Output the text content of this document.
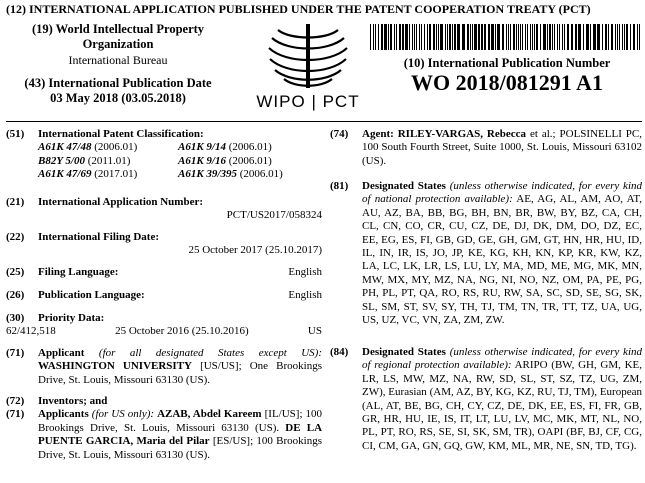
(12) INTERNATIONAL APPLICATION PUBLISHED UNDER THE PATENT COOPERATION TREATY (PCT)
(19) World Intellectual Property
Organization
International Bureau
(43) International Publication Date
03 May 2018 (03.05.2018)	WIPO | PCT
(10) International Publication Number
WO 2018/081291 A1
(51) International Patent Classification:
A61K 47/48 (2006.01)	A61K 9/14 (2006.01)
B82Y 5/00 (2011.01)	A61K 9/16 (2006.01)
A61K 47/69 (2017.01)	A61K 39/395 (2006.01)
(21) International Application Number:
PCT/US2017/058324
(22) International Filing Date:
25 October 2017 (25.10.2017)
(25) Filing Language:	English
(26) Publication Language:	English
(30) Priority Data:
62/412,518	25 October 2016 (25.10.2016)	US
(71) Applicant (for all designated States except US): WASHINGTON UNIVERSITY [US/US]; One Brookings Drive, St. Louis, Missouri 63130 (US).
(72) Inventors; and
(71) Applicants (for US only): AZAB, Abdel Kareem [IL/US]; 100 Brookings Drive, St. Louis, Missouri 63130 (US). DE LA PUENTE GARCIA, Maria del Pilar [ES/US]; 100 Brookings Drive, St. Louis, Missouri 63130 (US).
(74) Agent: RILEY-VARGAS, Rebecca et al.; POLSINELLI PC, 100 South Fourth Street, Suite 1000, St. Louis, Missouri 63102 (US).
(81) Designated States (unless otherwise indicated, for every kind of national protection available): AE, AG, AL, AM, AO, AT, AU, AZ, BA, BB, BG, BH, BN, BR, BW, BY, BZ, CA, CH, CL, CN, CO, CR, CU, CZ, DE, DJ, DK, DM, DO, DZ, EC, EE, EG, ES, FI, GB, GD, GE, GH, GM, GT, HN, HR, HU, ID, IL, IN, IR, IS, JO, JP, KE, KG, KH, KN, KP, KR, KW, KZ, LA, LC, LK, LR, LS, LU, LY, MA, MD, ME, MG, MK, MN, MW, MX, MY, MZ, NA, NG, NI, NO, NZ, OM, PA, PE, PG, PH, PL, PT, QA, RO, RS, RU, RW, SA, SC, SD, SE, SG, SK, SL, SM, ST, SV, SY, TH, TJ, TM, TN, TR, TT, TZ, UA, UG, US, UZ, VC, VN, ZA, ZM, ZW.
(84) Designated States (unless otherwise indicated, for every kind of regional protection available): ARIPO (BW, GH, GM, KE, LR, LS, MW, MZ, NA, RW, SD, SL, ST, SZ, TZ, UG, ZM, ZW), Eurasian (AM, AZ, BY, KG, KZ, RU, TJ, TM), European (AL, AT, BE, BG, CH, CY, CZ, DE, DK, EE, ES, FI, FR, GB, GR, HR, HU, IE, IS, IT, LT, LU, LV, MC, MK, MT, NL, NO, PL, PT, RO, RS, SE, SI, SK, SM, TR), OAPI (BF, BJ, CF, CG, CI, CM, GA, GN, GQ, GW, KM, ML, MR, NE, SN, TD, TG).
